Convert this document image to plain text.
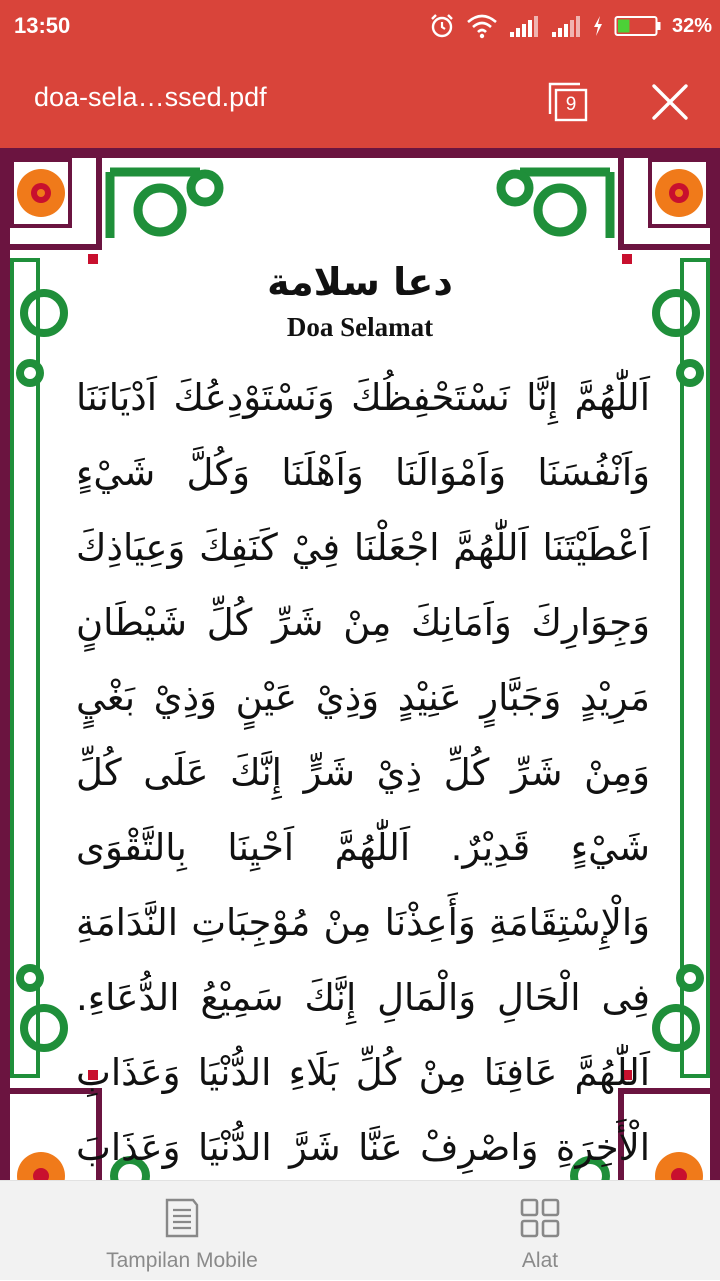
13:50	32%
doa-sela…ssed.pdf	9
دعا سلامة
Doa Selamat
اَللّٰهُمَّ إِنَّا نَسْتَحْفِظُكَ وَنَسْتَوْدِعُكَ اَدْيَانَنَا وَاَنْفُسَنَا وَاَمْوَالَنَا وَاَهْلَنَا وَكُلَّ شَيْءٍ اَعْطَيْتَنَا اَللّٰهُمَّ اجْعَلْنَا فِيْ كَنَفِكَ وَعِيَاذِكَ وَجِوَارِكَ وَاَمَانِكَ مِنْ شَرِّ كُلِّ شَيْطَانٍ مَرِيْدٍ وَجَبَّارٍ عَنِيْدٍ وَذِيْ عَيْنٍ وَذِيْ بَغْيٍ وَمِنْ شَرِّ كُلِّ ذِيْ شَرٍّ إِنَّكَ عَلَى كُلِّ شَيْءٍ قَدِيْرٌ. اَللّٰهُمَّ اَحْيِنَا بِالتَّقْوَى وَالْإِسْتِقَامَةِ وَأَعِذْنَا مِنْ مُوْجِبَاتِ النَّدَامَةِ فِى الْحَالِ وَالْمَالِ إِنَّكَ سَمِيْعُ الدُّعَاءِ. اَللّٰهُمَّ عَافِنَا مِنْ كُلِّ بَلَاءِ الدُّنْيَا وَعَذَابِ الْأَخِرَةِ وَاصْرِفْ عَنَّا شَرَّ الدُّنْيَا وَعَذَابَ
Tampilan Mobile	Alat
